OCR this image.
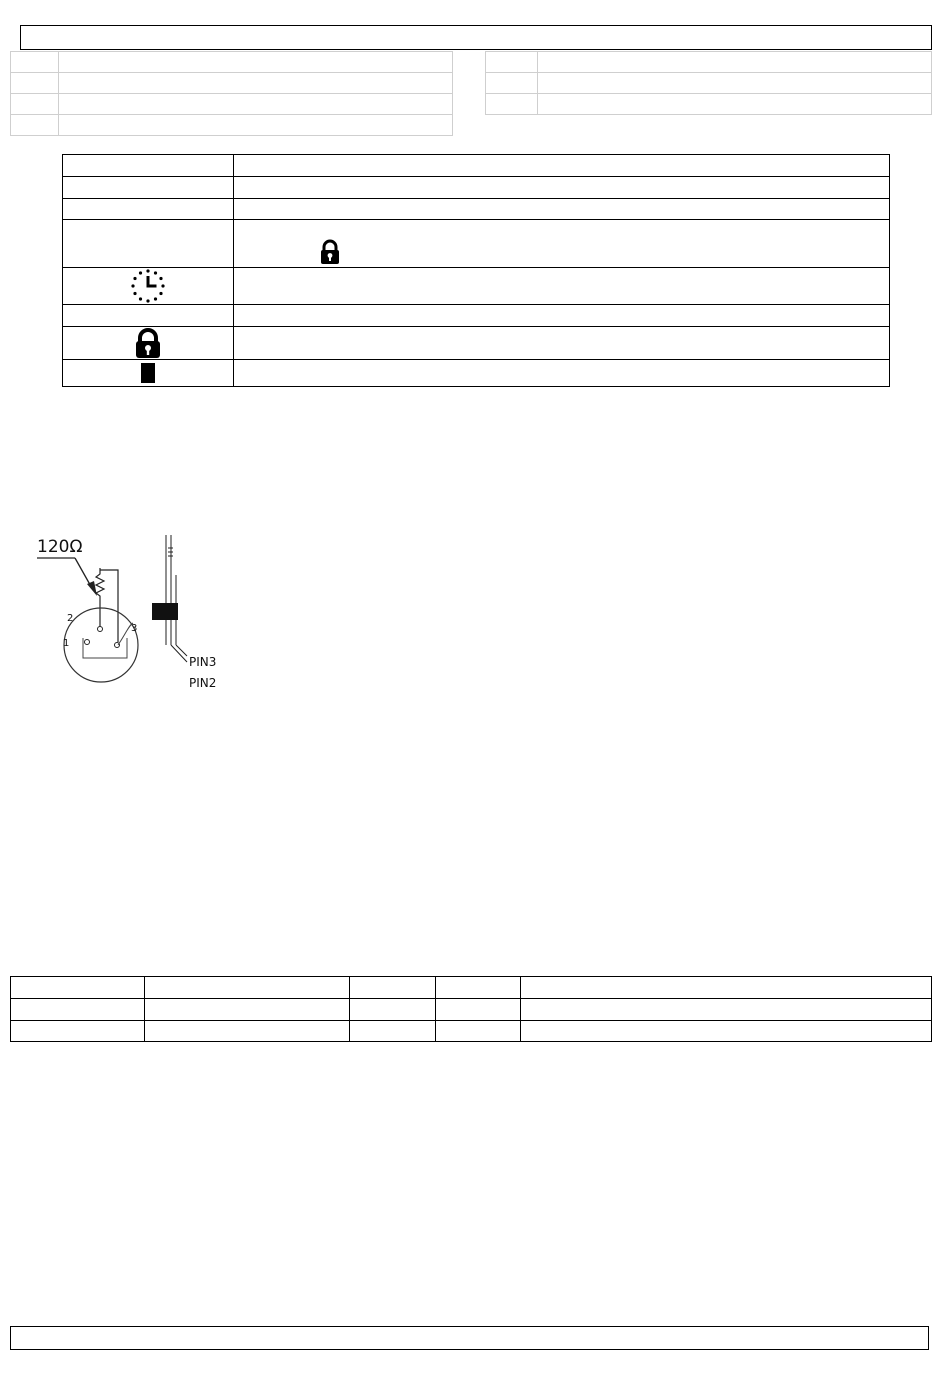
120Ω
1
2
3
PIN3
PIN2
